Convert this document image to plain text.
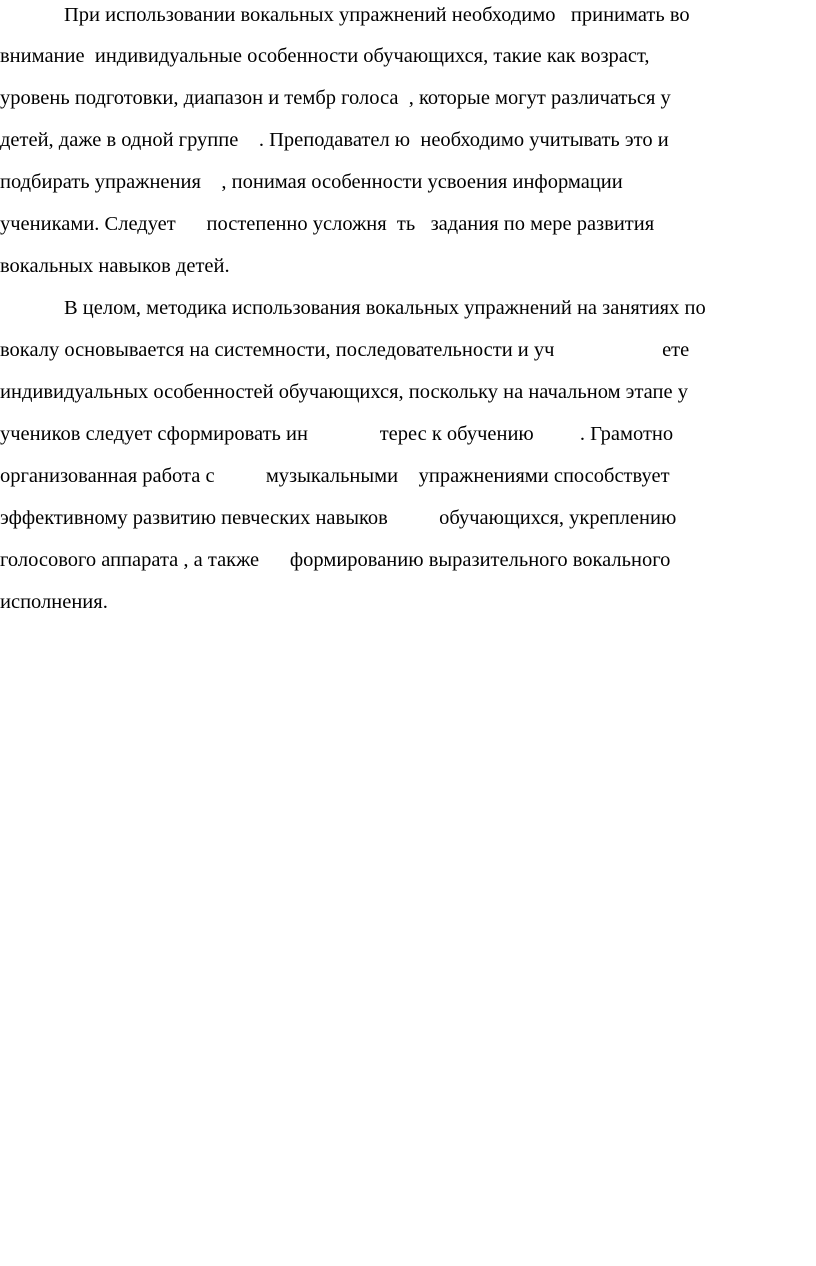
При использовании вокальных упражнений необходимо   принимать во
внимание  индивидуальные особенности обучающихся, такие как возраст,
уровень подготовки, диапазон и тембр голоса  , которые могут различаться у
детей, даже в одной группе    . Преподавател ю  необходимо учитывать это и
подбирать упражнения    , понимая особенности усвоения информации
учениками. Следует      постепенно усложня  ть   задания по мере развития
вокальных навыков детей.
В целом, методика использования вокальных упражнений на занятиях по
вокалу основывается на системности, последовательности и уч                     ете
индивидуальных особенностей обучающихся, поскольку на начальном этапе у
учеников следует сформировать ин              терес к обучению         . Грамотно
организованная работа с          музыкальными    упражнениями способствует
эффективному развитию певческих навыков          обучающихся, укреплению
голосового аппарата , а также      формированию выразительного вокального
исполнения.
